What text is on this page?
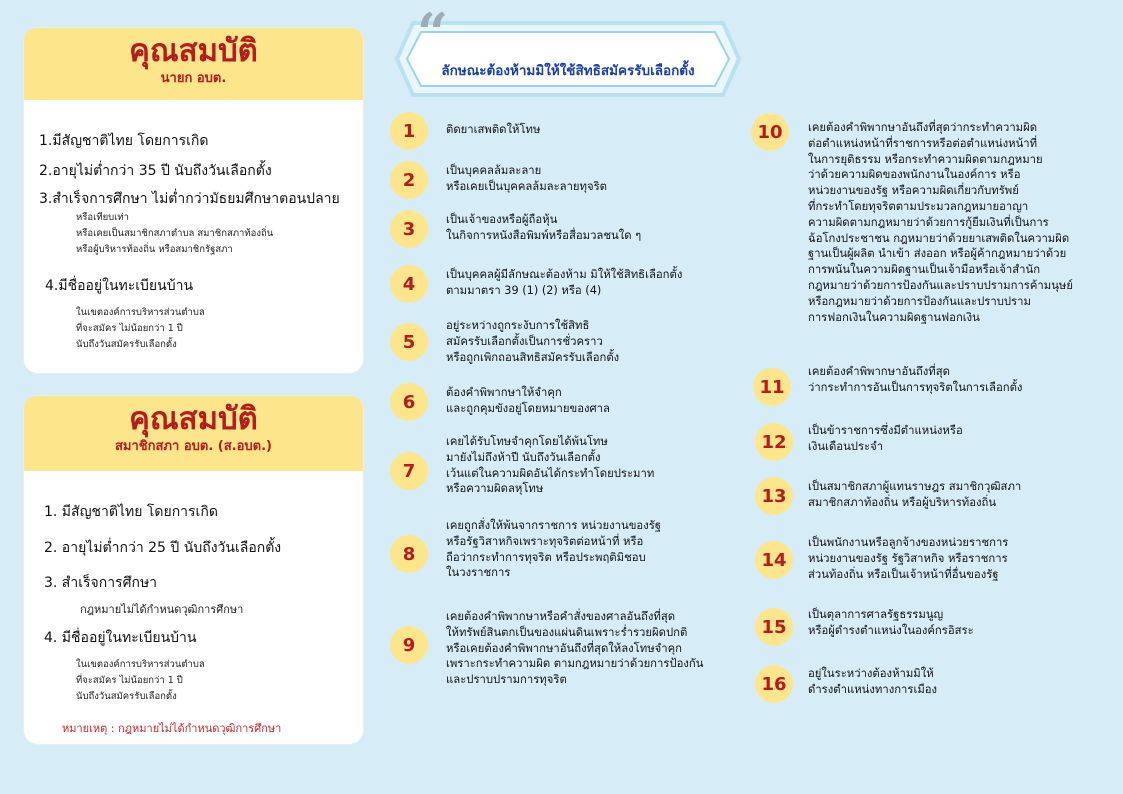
คุณสมบัติ
นายก อบต.
1.มีสัญชาติไทย โดยการเกิด
2.อายุไม่ต่ำกว่า 35 ปี นับถึงวันเลือกตั้ง
3.สำเร็จการศึกษา ไม่ต่ำกว่ามัธยมศึกษาตอนปลาย
หรือเทียบเท่า
หรือเคยเป็นสมาชิกสภาตำบล สมาชิกสภาท้องถิ่น
หรือผู้บริหารท้องถิ่น หรือสมาชิกรัฐสภา
4.มีชื่ออยู่ในทะเบียนบ้าน
ในเขตองค์การบริหารส่วนตำบล
ที่จะสมัคร ไม่น้อยกว่า 1 ปี
นับถึงวันสมัครรับเลือกตั้ง
คุณสมบัติ
สมาชิกสภา อบต. (ส.อบต.)
1. มีสัญชาติไทย โดยการเกิด
2. อายุไม่ต่ำกว่า 25 ปี นับถึงวันเลือกตั้ง
3. สำเร็จการศึกษา
กฎหมายไม่ได้กำหนดวุฒิการศึกษา
4. มีชื่ออยู่ในทะเบียนบ้าน
ในเขตองค์การบริหารส่วนตำบล
ที่จะสมัคร ไม่น้อยกว่า 1 ปี
นับถึงวันสมัครรับเลือกตั้ง
หมายเหตุ : กฎหมายไม่ได้กำหนดวุฒิการศึกษา
ลักษณะต้องห้ามมิให้ใช้สิทธิสมัครรับเลือกตั้ง
“
1	ติดยาเสพติดให้โทษ
2	เป็นบุคคลล้มละลาย
หรือเคยเป็นบุคคลล้มละลายทุจริต
3	เป็นเจ้าของหรือผู้ถือหุ้น
ในกิจการหนังสือพิมพ์หรือสื่อมวลชนใด ๆ
4	เป็นบุคคลผู้มีลักษณะต้องห้าม มิให้ใช้สิทธิเลือกตั้ง
ตามมาตรา 39 (1) (2) หรือ (4)
5
อยู่ระหว่างถูกระงับการใช้สิทธิ
สมัครรับเลือกตั้งเป็นการชั่วคราว
หรือถูกเพิกถอนสิทธิสมัครรับเลือกตั้ง
6	ต้องคำพิพากษาให้จำคุก
และถูกคุมขังอยู่โดยหมายของศาล
7
เคยได้รับโทษจำคุกโดยได้พ้นโทษ
มายังไม่ถึงห้าปี นับถึงวันเลือกตั้ง
เว้นแต่ในความผิดอันได้กระทำโดยประมาท
หรือความผิดลหุโทษ
8
เคยถูกสั่งให้พ้นจากราชการ หน่วยงานของรัฐ
หรือรัฐวิสาหกิจเพราะทุจริตต่อหน้าที่ หรือ
ถือว่ากระทำการทุจริต หรือประพฤติมิชอบ
ในวงราชการ
9
เคยต้องคำพิพากษาหรือคำสั่งของศาลอันถึงที่สุด
ให้ทรัพย์สินตกเป็นของแผ่นดินเพราะร่ำรวยผิดปกติ
หรือเคยต้องคำพิพากษาอันถึงที่สุดให้ลงโทษจำคุก
เพราะกระทำความผิด ตามกฎหมายว่าด้วยการป้องกัน
และปราบปรามการทุจริต
10	เคยต้องคำพิพากษาอันถึงที่สุดว่ากระทำความผิด
ต่อตำแหน่งหน้าที่ราชการหรือต่อตำแหน่งหน้าที่
ในการยุติธรรม หรือกระทำความผิดตามกฎหมาย
ว่าด้วยความผิดของพนักงานในองค์การ หรือ
หน่วยงานของรัฐ หรือความผิดเกี่ยวกับทรัพย์
ที่กระทำโดยทุจริตตามประมวลกฎหมายอาญา
ความผิดตามกฎหมายว่าด้วยการกู้ยืมเงินที่เป็นการ
ฉ้อโกงประชาชน กฎหมายว่าด้วยยาเสพติดในความผิด
ฐานเป็นผู้ผลิต นำเข้า ส่งออก หรือผู้ค้ากฎหมายว่าด้วย
การพนันในความผิดฐานเป็นเจ้ามือหรือเจ้าสำนัก
กฎหมายว่าด้วยการป้องกันและปราบปรามการค้ามนุษย์
หรือกฎหมายว่าด้วยการป้องกันและปราบปราม
การฟอกเงินในความผิดฐานฟอกเงิน
11
เคยต้องคำพิพากษาอันถึงที่สุด
ว่ากระทำการอันเป็นการทุจริตในการเลือกตั้ง
12
เป็นข้าราชการซึ่งมีตำแหน่งหรือ
เงินเดือนประจำ
13	เป็นสมาชิกสภาผู้แทนราษฎร สมาชิกวุฒิสภา
สมาชิกสภาท้องถิ่น หรือผู้บริหารท้องถิ่น
14
เป็นพนักงานหรือลูกจ้างของหน่วยราชการ
หน่วยงานของรัฐ รัฐวิสาหกิจ หรือราชการ
ส่วนท้องถิ่น หรือเป็นเจ้าหน้าที่อื่นของรัฐ
15
เป็นตุลาการศาลรัฐธรรมนูญ
หรือผู้ดำรงตำแหน่งในองค์กรอิสระ
16	อยู่ในระหว่างต้องห้ามมิให้
ดำรงตำแหน่งทางการเมือง
